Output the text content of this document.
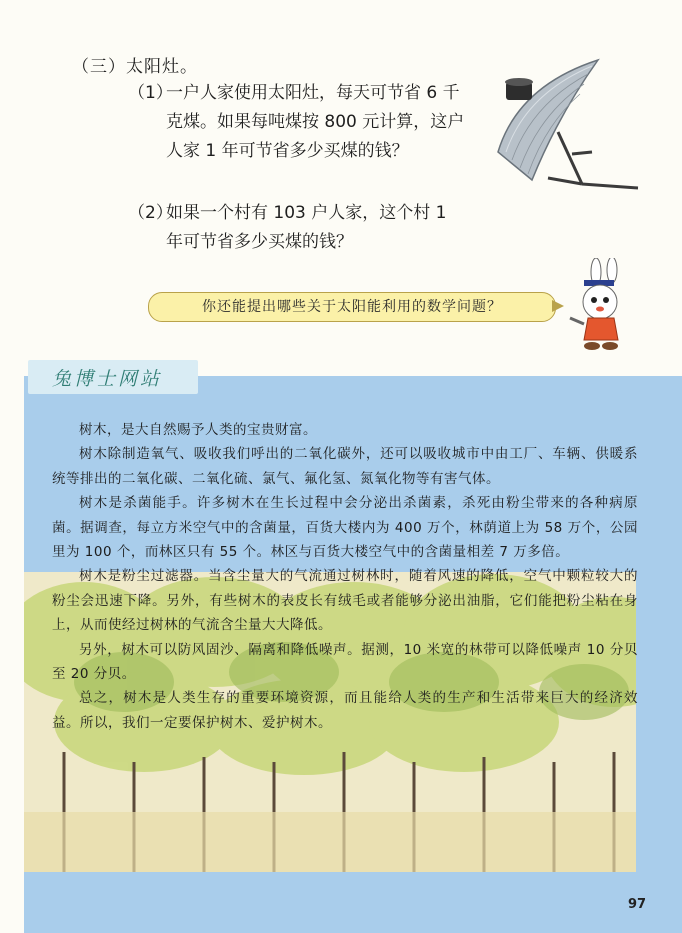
（三）太阳灶。
（1）
一户人家使用太阳灶，每天可节省 6 千克煤。如果每吨煤按 800 元计算，这户人家 1 年可节省多少买煤的钱？
（2）
如果一个村有 103 户人家，这个村 1 年可节省多少买煤的钱？
你还能提出哪些关于太阳能利用的数学问题？
兔博士网站

树木，是大自然赐予人类的宝贵财富。

树木除制造氧气、吸收我们呼出的二氧化碳外，还可以吸收城市中由工厂、车辆、供暖系统等排出的二氧化碳、二氧化硫、氯气、氟化氢、氮氧化物等有害气体。

树木是杀菌能手。许多树木在生长过程中会分泌出杀菌素，杀死由粉尘带来的各种病原菌。据调查，每立方米空气中的含菌量，百货大楼内为 400 万个，林荫道上为 58 万个，公园里为 100 个，而林区只有 55 个。林区与百货大楼空气中的含菌量相差 7 万多倍。

树木是粉尘过滤器。当含尘量大的气流通过树林时，随着风速的降低，空气中颗粒较大的粉尘会迅速下降。另外，有些树木的表皮长有绒毛或者能够分泌出油脂，它们能把粉尘粘在身上，从而使经过树林的气流含尘量大大降低。

另外，树木可以防风固沙、隔离和降低噪声。据测，10 米宽的林带可以降低噪声 10 分贝至 20 分贝。

总之，树木是人类生存的重要环境资源，而且能给人类的生产和生活带来巨大的经济效益。所以，我们一定要保护树木、爱护树木。

97
